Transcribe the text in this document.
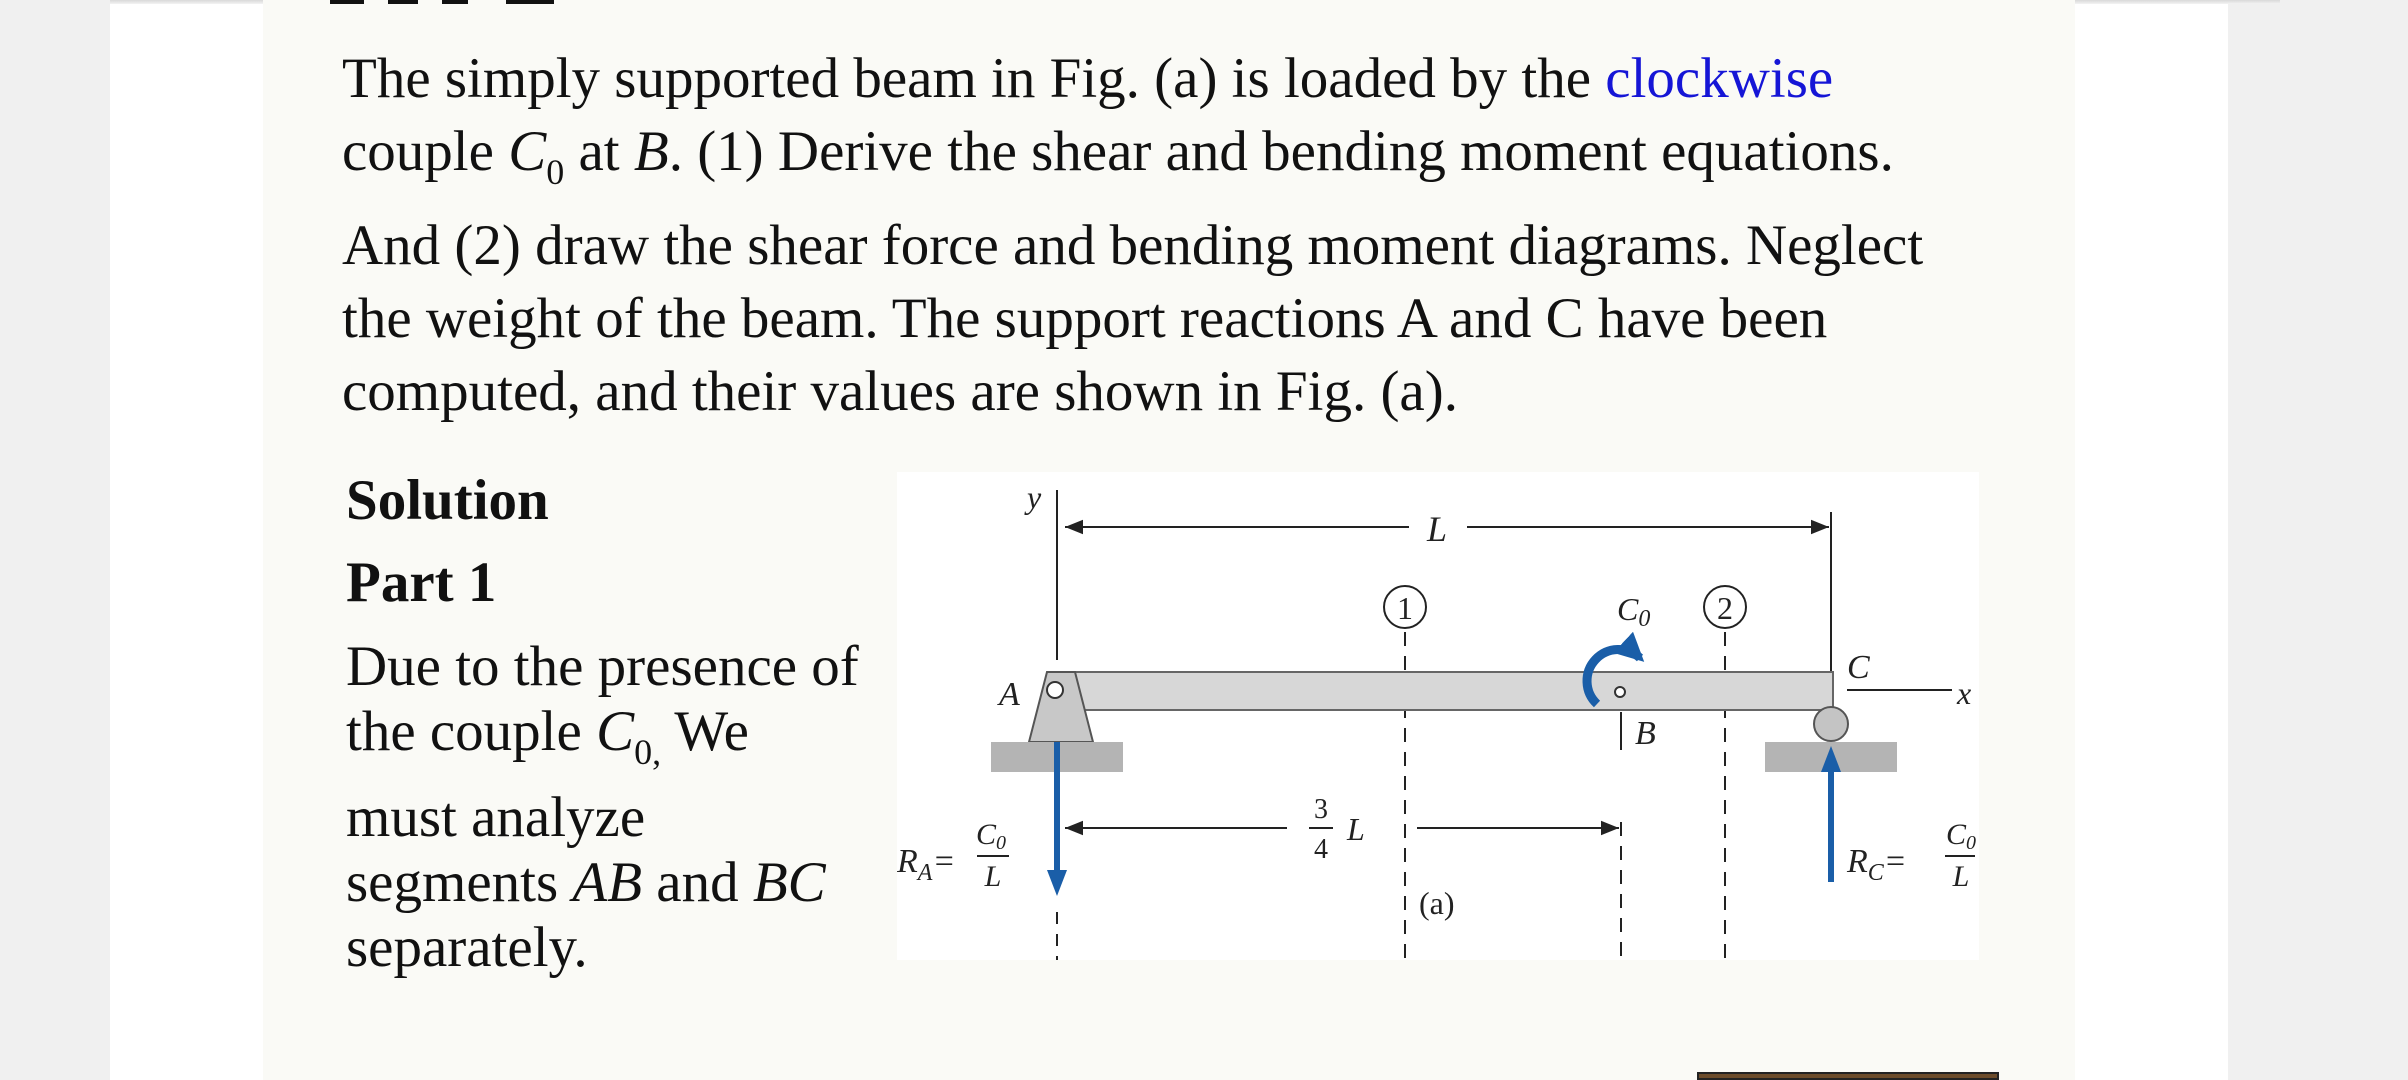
The simply supported beam in Fig. (a) is loaded by the clockwise couple $C_0$ at B. (1) Derive the shear and bending moment equations. And (2) draw the shear force and bending moment diagrams. Neglect the weight of the beam. The support reactions A and C have been computed, and their values are shown in Fig. (a).

Solution
Part 1

Due to the presence of the couple $C_{0,}$ We must analyze segments AB and BC separately.

y
L
1	2
x
A
C
C0
B
3
4
L
$R_A=$
C0
L	$R_C=$
C0
L
(a)
